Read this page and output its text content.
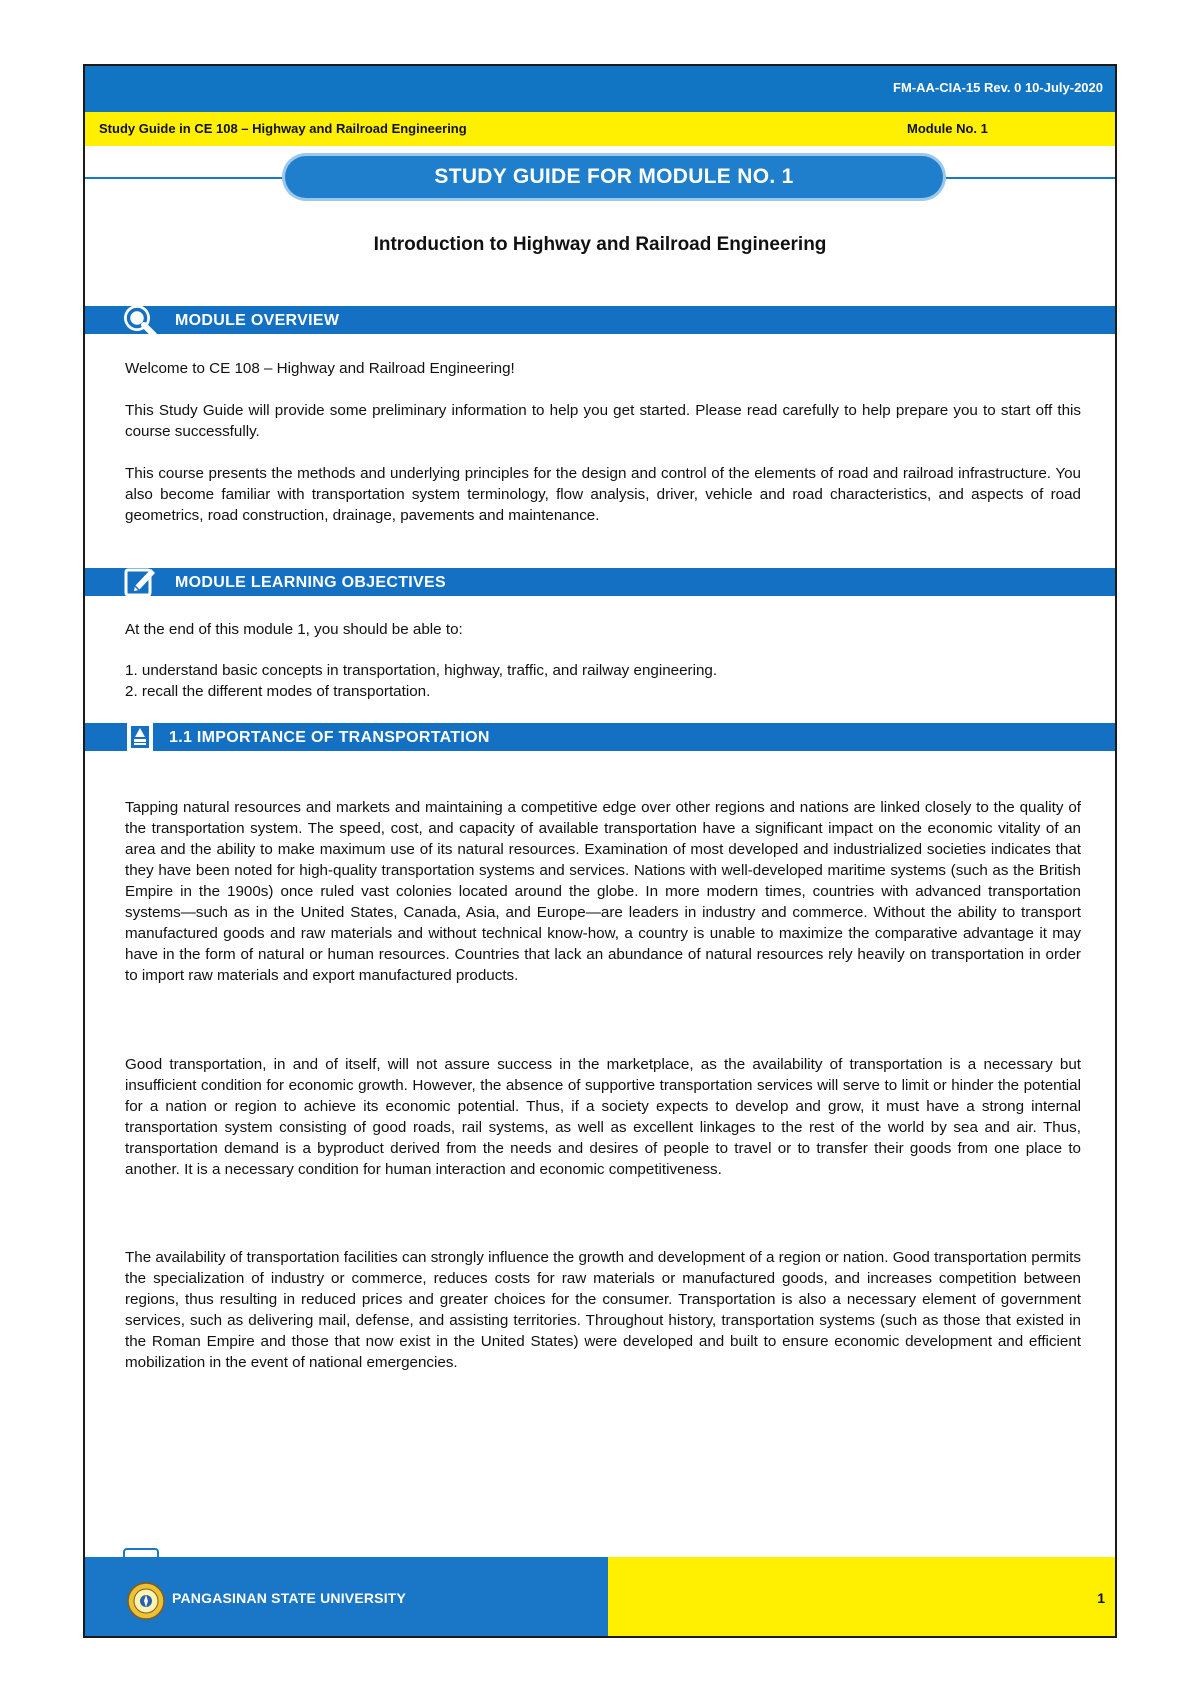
FM-AA-CIA-15 Rev. 0 10-July-2020
Study Guide in CE 108 – Highway and Railroad Engineering	Module No. 1
STUDY GUIDE FOR MODULE NO. 1
Introduction to Highway and Railroad Engineering
MODULE OVERVIEW

Welcome to CE 108 – Highway and Railroad Engineering!

This Study Guide will provide some preliminary information to help you get started. Please read carefully to help prepare you to start off this course successfully.

This course presents the methods and underlying principles for the design and control of the elements of road and railroad infrastructure. You also become familiar with transportation system terminology, flow analysis, driver, vehicle and road characteristics, and aspects of road geometrics, road construction, drainage, pavements and maintenance.

MODULE LEARNING OBJECTIVES

At the end of this module 1, you should be able to:

1. understand basic concepts in transportation, highway, traffic, and railway engineering.

2. recall the different modes of transportation.

1.1 IMPORTANCE OF TRANSPORTATION

Tapping natural resources and markets and maintaining a competitive edge over other regions and nations are linked closely to the quality of the transportation system. The speed, cost, and capacity of available transportation have a significant impact on the economic vitality of an area and the ability to make maximum use of its natural resources. Examination of most developed and industrialized societies indicates that they have been noted for high-quality transportation systems and services. Nations with well-developed maritime systems (such as the British Empire in the 1900s) once ruled vast colonies located around the globe. In more modern times, countries with advanced transportation systems—such as in the United States, Canada, Asia, and Europe—are leaders in industry and commerce. Without the ability to transport manufactured goods and raw materials and without technical know-how, a country is unable to maximize the comparative advantage it may have in the form of natural or human resources. Countries that lack an abundance of natural resources rely heavily on transportation in order to import raw materials and export manufactured products.

Good transportation, in and of itself, will not assure success in the marketplace, as the availability of transportation is a necessary but insufficient condition for economic growth. However, the absence of supportive transportation services will serve to limit or hinder the potential for a nation or region to achieve its economic potential. Thus, if a society expects to develop and grow, it must have a strong internal transportation system consisting of good roads, rail systems, as well as excellent linkages to the rest of the world by sea and air. Thus, transportation demand is a byproduct derived from the needs and desires of people to travel or to transfer their goods from one place to another. It is a necessary condition for human interaction and economic competitiveness.

The availability of transportation facilities can strongly influence the growth and development of a region or nation. Good transportation permits the specialization of industry or commerce, reduces costs for raw materials or manufactured goods, and increases competition between regions, thus resulting in reduced prices and greater choices for the consumer. Transportation is also a necessary element of government services, such as delivering mail, defense, and assisting territories. Throughout history, transportation systems (such as those that existed in the Roman Empire and those that now exist in the United States) were developed and built to ensure economic development and efficient mobilization in the event of national emergencies.

PANGASINAN STATE UNIVERSITY	1
